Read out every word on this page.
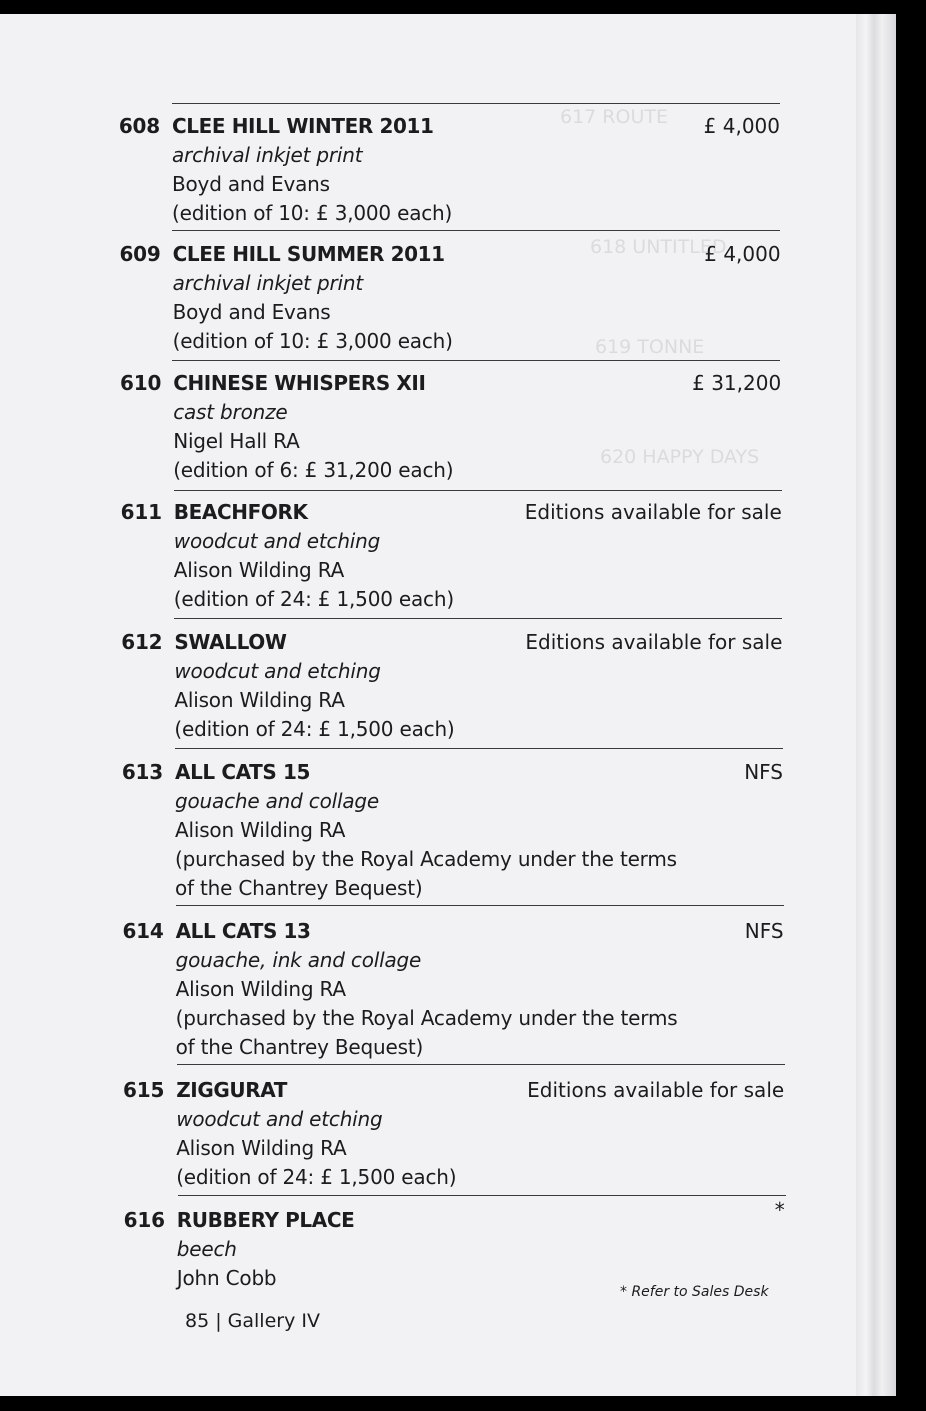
617 ROUTE
618 UNTITLED
619 TONNE
620 HAPPY DAYS
608 CLEE HILL WINTER 2011
archival inkjet print
Boyd and Evans
(edition of 10: £ 3,000 each)
£ 4,000
609 CLEE HILL SUMMER 2011
archival inkjet print
Boyd and Evans
(edition of 10: £ 3,000 each)
£ 4,000
610 CHINESE WHISPERS XII
cast bronze
Nigel Hall RA
(edition of 6: £ 31,200 each)
£ 31,200
611 BEACHFORK
woodcut and etching
Alison Wilding RA
(edition of 24: £ 1,500 each)
Editions available for sale
612 SWALLOW
woodcut and etching
Alison Wilding RA
(edition of 24: £ 1,500 each)
Editions available for sale
613 ALL CATS 15
gouache and collage
Alison Wilding RA
(purchased by the Royal Academy under the terms
of the Chantrey Bequest)
NFS
614 ALL CATS 13
gouache, ink and collage
Alison Wilding RA
(purchased by the Royal Academy under the terms
of the Chantrey Bequest)
NFS
615 ZIGGURAT
woodcut and etching
Alison Wilding RA
(edition of 24: £ 1,500 each)
Editions available for sale
616 RUBBERY PLACE
beech
John Cobb
*
* Refer to Sales Desk
85 | Gallery IV
